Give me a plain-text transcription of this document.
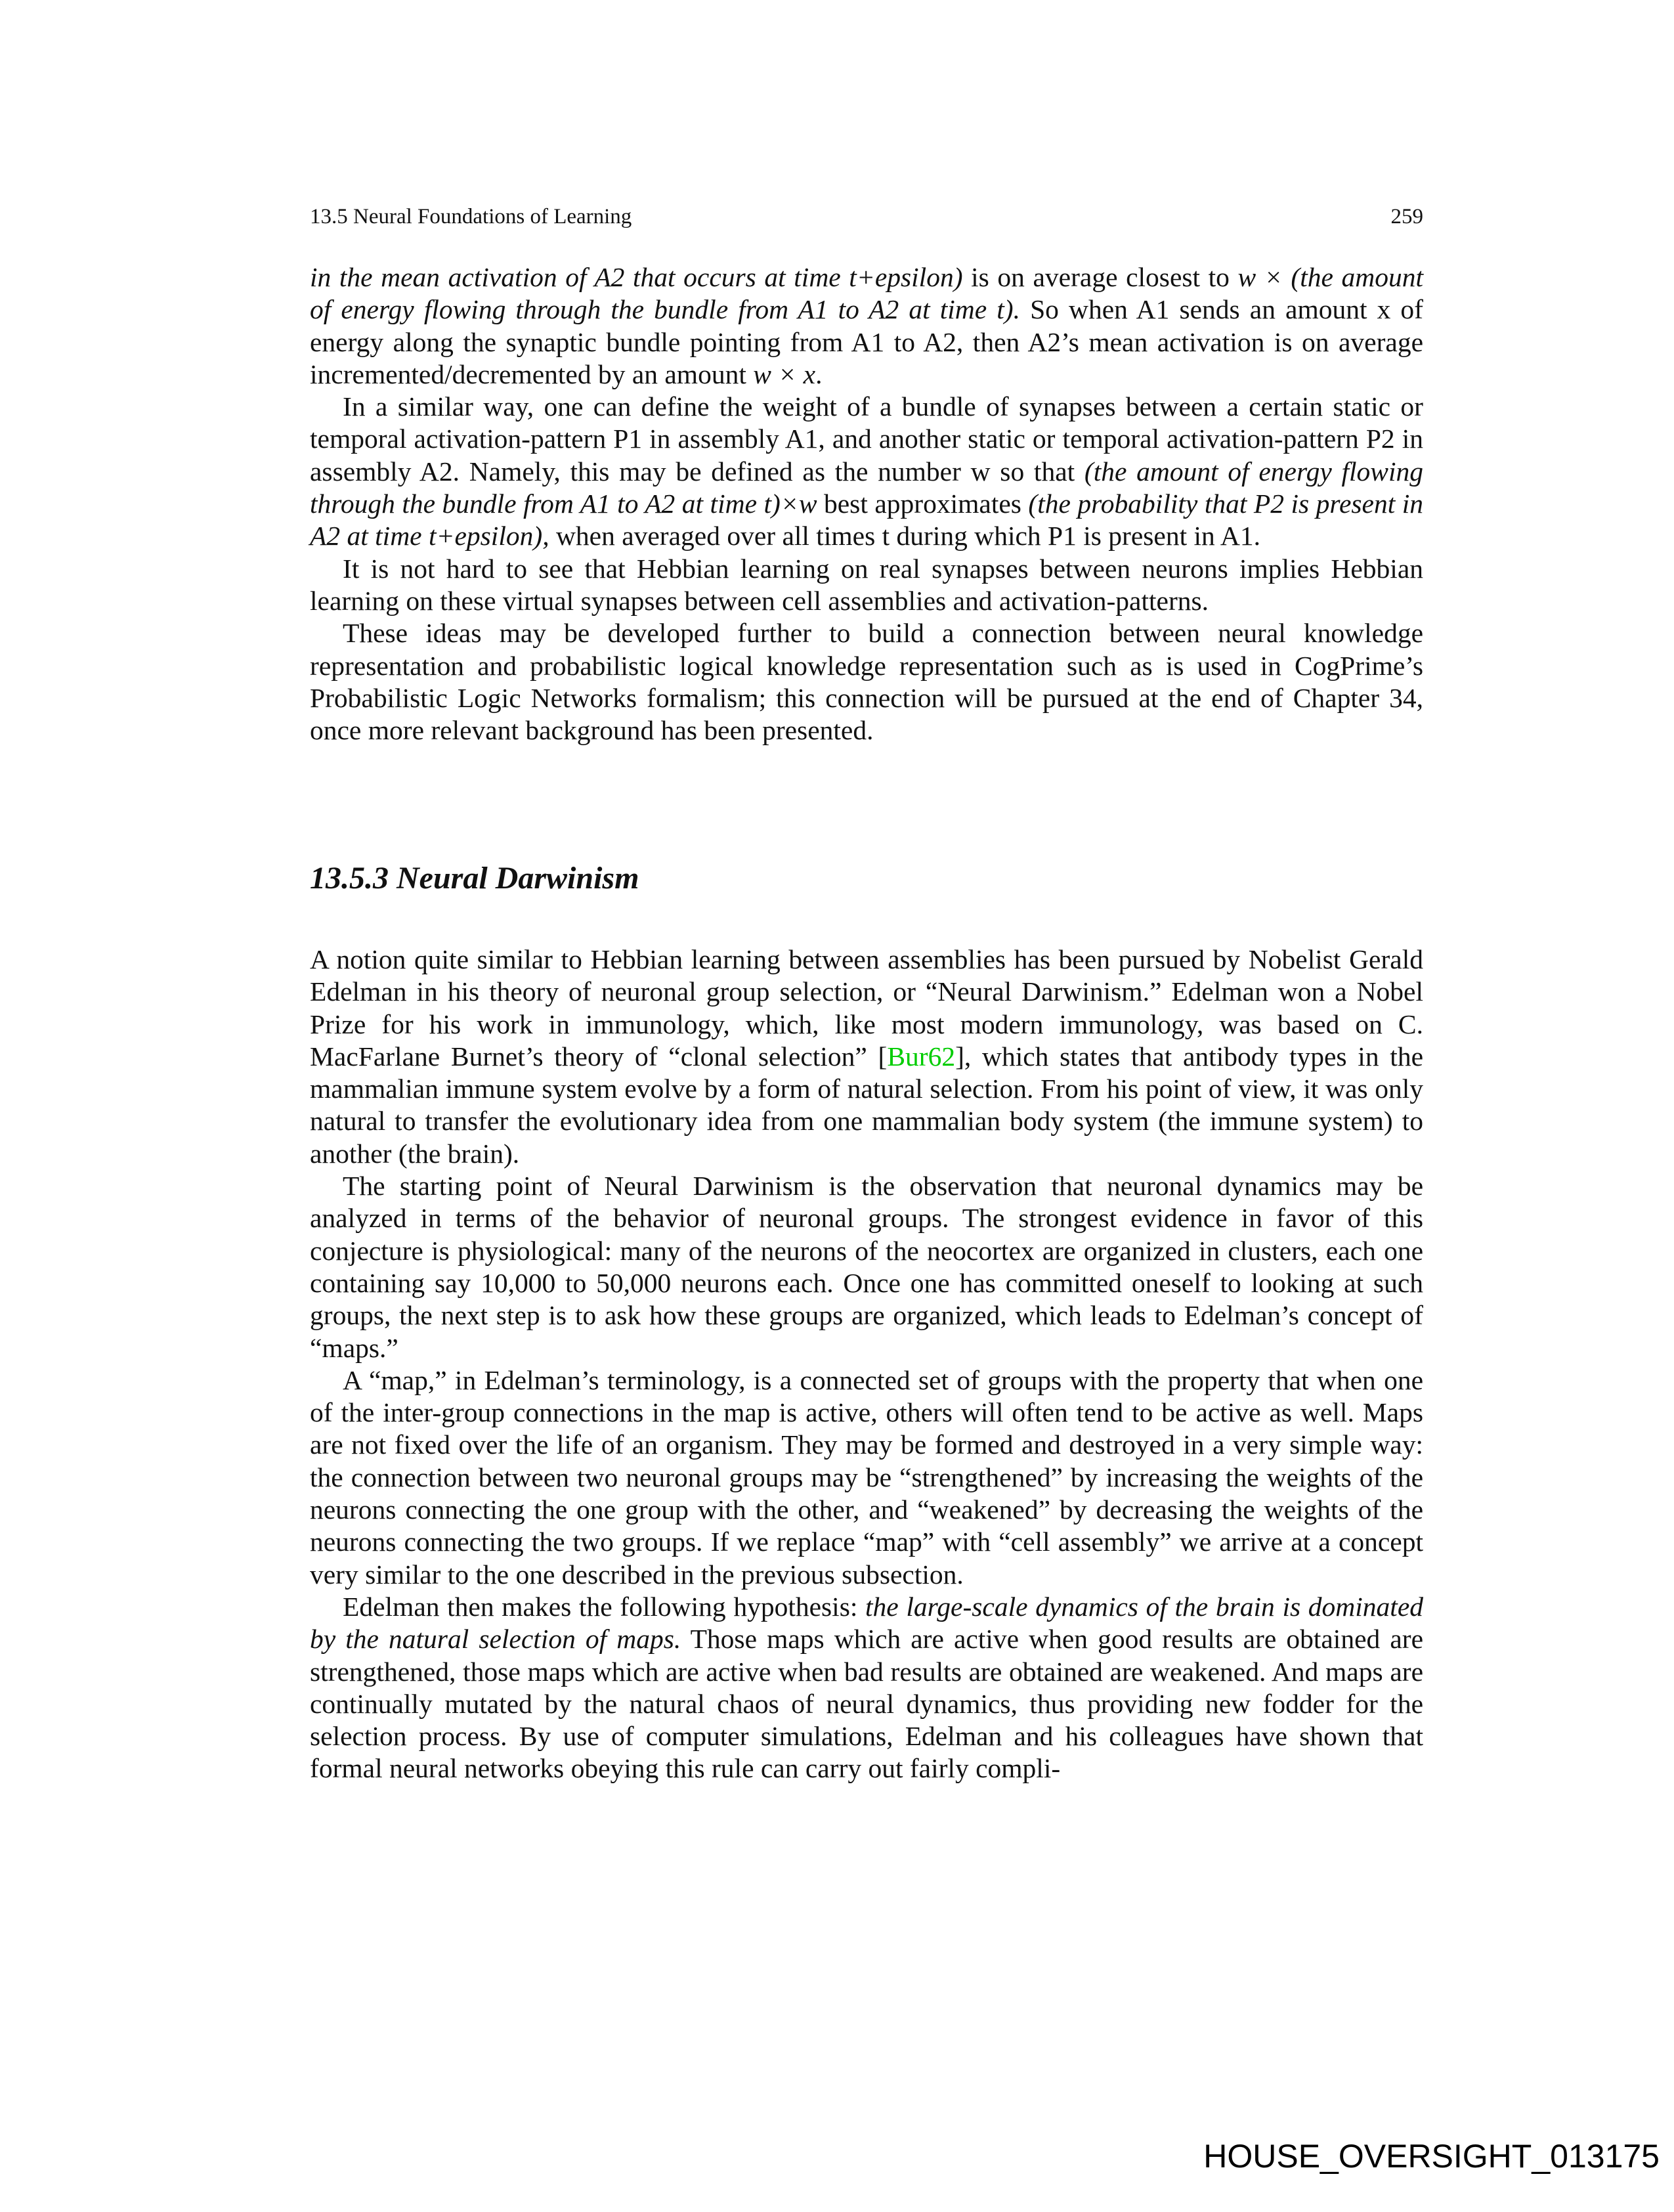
13.5 Neural Foundations of Learning	259

in the mean activation of A2 that occurs at time t+epsilon) is on average closest to w × (the amount of energy flowing through the bundle from A1 to A2 at time t). So when A1 sends an amount x of energy along the synaptic bundle pointing from A1 to A2, then A2’s mean activation is on average incremented/decremented by an amount w × x.

In a similar way, one can define the weight of a bundle of synapses between a certain static or temporal activation-pattern P1 in assembly A1, and another static or temporal activation-pattern P2 in assembly A2. Namely, this may be defined as the number w so that (the amount of energy flowing through the bundle from A1 to A2 at time t)×w best approximates (the probability that P2 is present in A2 at time t+epsilon), when averaged over all times t during which P1 is present in A1.

It is not hard to see that Hebbian learning on real synapses between neurons implies Hebbian learning on these virtual synapses between cell assemblies and activation-patterns.

These ideas may be developed further to build a connection between neural knowledge representation and probabilistic logical knowledge representation such as is used in CogPrime’s Probabilistic Logic Networks formalism; this connection will be pursued at the end of Chapter 34, once more relevant background has been presented.

13.5.3 Neural Darwinism

A notion quite similar to Hebbian learning between assemblies has been pursued by Nobelist Gerald Edelman in his theory of neuronal group selection, or “Neural Darwinism.” Edelman won a Nobel Prize for his work in immunology, which, like most modern immunology, was based on C. MacFarlane Burnet’s theory of “clonal selection” [Bur62], which states that antibody types in the mammalian immune system evolve by a form of natural selection. From his point of view, it was only natural to transfer the evolutionary idea from one mammalian body system (the immune system) to another (the brain).

The starting point of Neural Darwinism is the observation that neuronal dynamics may be analyzed in terms of the behavior of neuronal groups. The strongest evidence in favor of this conjecture is physiological: many of the neurons of the neocortex are organized in clusters, each one containing say 10,000 to 50,000 neurons each. Once one has committed oneself to looking at such groups, the next step is to ask how these groups are organized, which leads to Edelman’s concept of “maps.”

A “map,” in Edelman’s terminology, is a connected set of groups with the property that when one of the inter-group connections in the map is active, others will often tend to be active as well. Maps are not fixed over the life of an organism. They may be formed and destroyed in a very simple way: the connection between two neuronal groups may be “strengthened” by increasing the weights of the neurons connecting the one group with the other, and “weakened” by decreasing the weights of the neurons connecting the two groups. If we replace “map” with “cell assembly” we arrive at a concept very similar to the one described in the previous subsection.

Edelman then makes the following hypothesis: the large-scale dynamics of the brain is dominated by the natural selection of maps. Those maps which are active when good results are obtained are strengthened, those maps which are active when bad results are obtained are weakened. And maps are continually mutated by the natural chaos of neural dynamics, thus providing new fodder for the selection process. By use of computer simulations, Edelman and his colleagues have shown that formal neural networks obeying this rule can carry out fairly compli-

HOUSE_OVERSIGHT_013175
